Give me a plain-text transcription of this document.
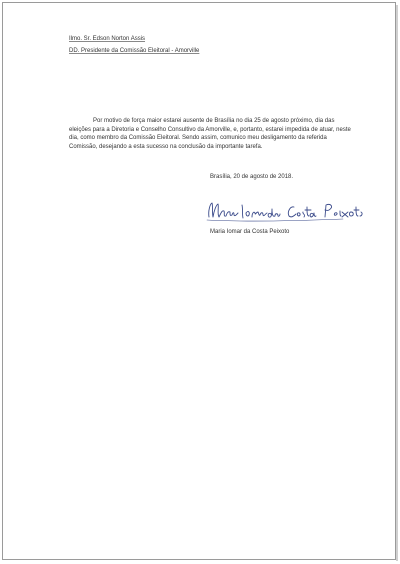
Ilmo. Sr. Edson Norton Assis
DD. Presidente da Comissão Eleitoral - Amorville

Por motivo de força maior estarei ausente de Brasília no dia 25 de agosto próximo, dia das eleições para a Diretoria e Conselho Consultivo da Amorville, e, portanto, estarei impedida de atuar, neste dia, como membro da Comissão Eleitoral. Sendo assim, comunico meu desligamento da referida Comissão, desejando a esta sucesso na conclusão da importante tarefa.

Brasília, 20 de agosto de 2018.
Maria Iomar da Costa Peixoto
